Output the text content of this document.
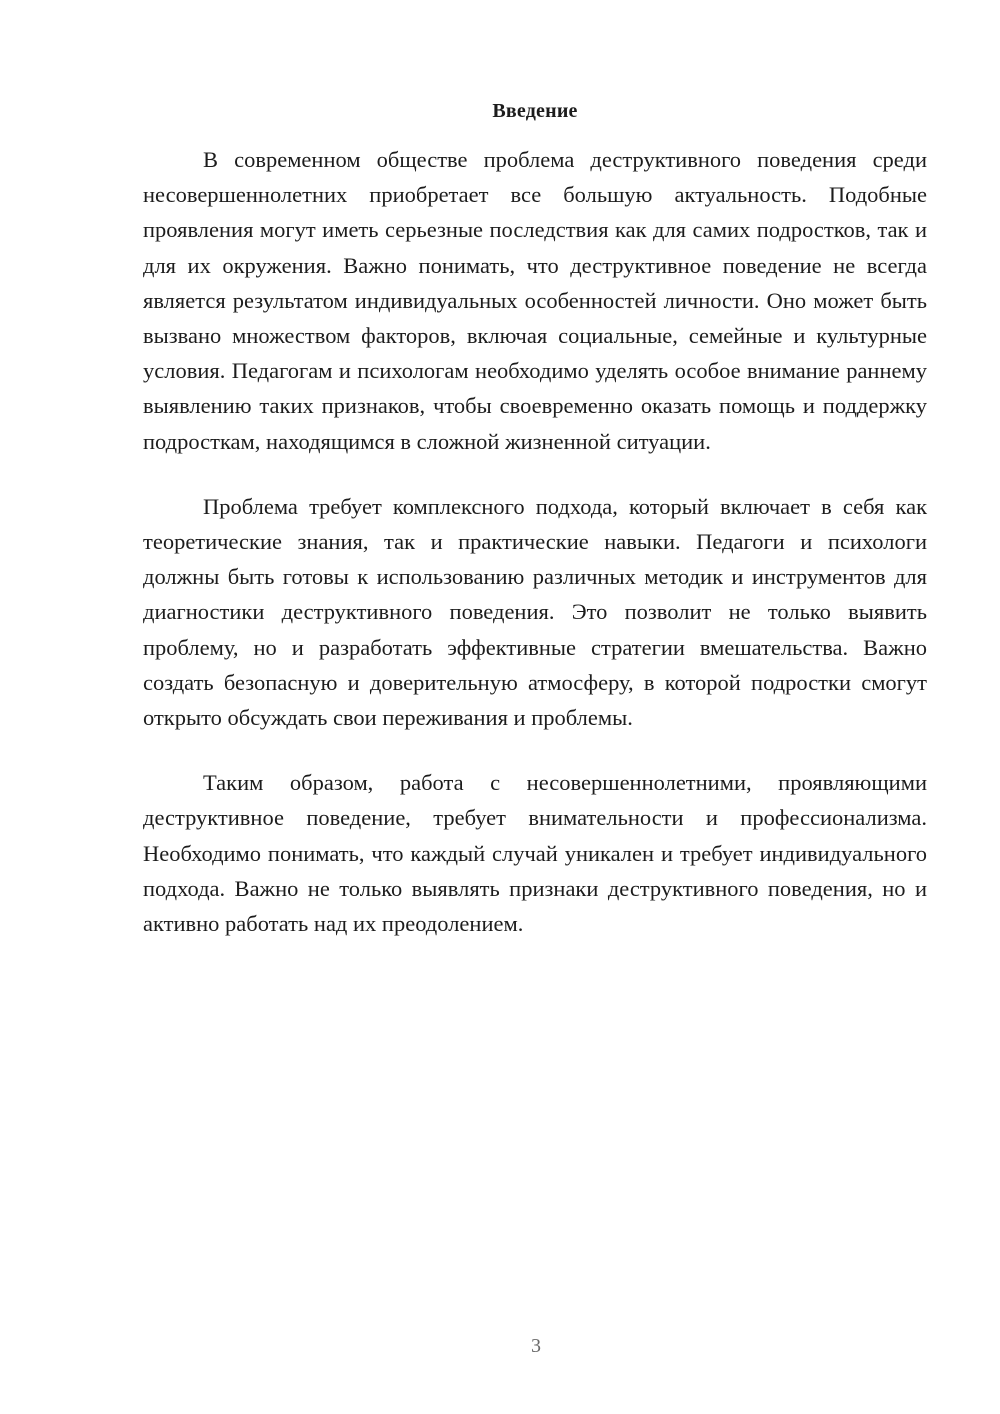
Введение

В современном обществе проблема деструктивного поведения среди несовершеннолетних приобретает все большую актуальность. Подобные проявления могут иметь серьезные последствия как для самих подростков, так и для их окружения. Важно понимать, что деструктивное поведение не всегда является результатом индивидуальных особенностей личности. Оно может быть вызвано множеством факторов, включая социальные, семейные и культурные условия. Педагогам и психологам необходимо уделять особое внимание раннему выявлению таких признаков, чтобы своевременно оказать помощь и поддержку подросткам, находящимся в сложной жизненной ситуации.

Проблема требует комплексного подхода, который включает в себя как теоретические знания, так и практические навыки. Педагоги и психологи должны быть готовы к использованию различных методик и инструментов для диагностики деструктивного поведения. Это позволит не только выявить проблему, но и разработать эффективные стратегии вмешательства. Важно создать безопасную и доверительную атмосферу, в которой подростки смогут открыто обсуждать свои переживания и проблемы.

Таким образом, работа с несовершеннолетними, проявляющими деструктивное поведение, требует внимательности и профессионализма. Необходимо понимать, что каждый случай уникален и требует индивидуального подхода. Важно не только выявлять признаки деструктивного поведения, но и активно работать над их преодолением.

3
